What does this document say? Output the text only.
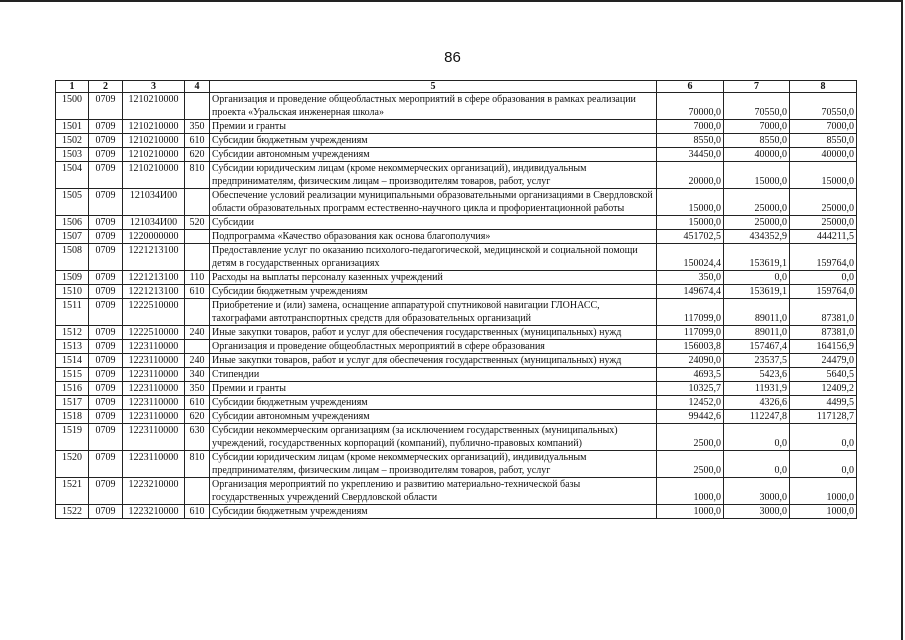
86
1	2	3	4	5	6	7	8
1500	0709	1210210000		Организация и проведение общеобластных мероприятий в сфере образования в рамках реализации проекта «Уральская инженерная школа»	70000,0	70550,0	70550,0
1501	0709	1210210000	350	Премии и гранты	7000,0	7000,0	7000,0
1502	0709	1210210000	610	Субсидии бюджетным учреждениям	8550,0	8550,0	8550,0
1503	0709	1210210000	620	Субсидии автономным учреждениям	34450,0	40000,0	40000,0
1504	0709	1210210000	810	Субсидии юридическим лицам (кроме некоммерческих организаций), индивидуальным предпринимателям, физическим лицам – производителям товаров, работ, услуг	20000,0	15000,0	15000,0
1505	0709	121034И00		Обеспечение условий реализации муниципальными образовательными организациями в Свердловской области образовательных программ естественно-научного цикла и профориентационной работы	15000,0	25000,0	25000,0
1506	0709	121034И00	520	Субсидии	15000,0	25000,0	25000,0
1507	0709	1220000000		Подпрограмма «Качество образования как основа благополучия»	451702,5	434352,9	444211,5
1508	0709	1221213100		Предоставление услуг по оказанию психолого-педагогической, медицинской и социальной помощи детям в государственных организациях	150024,4	153619,1	159764,0
1509	0709	1221213100	110	Расходы на выплаты персоналу казенных учреждений	350,0	0,0	0,0
1510	0709	1221213100	610	Субсидии бюджетным учреждениям	149674,4	153619,1	159764,0
1511	0709	1222510000		Приобретение и (или) замена, оснащение аппаратурой спутниковой навигации ГЛОНАСС, тахографами автотранспортных средств для образовательных организаций	117099,0	89011,0	87381,0
1512	0709	1222510000	240	Иные закупки товаров, работ и услуг для обеспечения государственных (муниципальных) нужд	117099,0	89011,0	87381,0
1513	0709	1223110000		Организация и проведение общеобластных мероприятий в сфере образования	156003,8	157467,4	164156,9
1514	0709	1223110000	240	Иные закупки товаров, работ и услуг для обеспечения государственных (муниципальных) нужд	24090,0	23537,5	24479,0
1515	0709	1223110000	340	Стипендии	4693,5	5423,6	5640,5
1516	0709	1223110000	350	Премии и гранты	10325,7	11931,9	12409,2
1517	0709	1223110000	610	Субсидии бюджетным учреждениям	12452,0	4326,6	4499,5
1518	0709	1223110000	620	Субсидии автономным учреждениям	99442,6	112247,8	117128,7
1519	0709	1223110000	630	Субсидии некоммерческим организациям (за исключением государственных (муниципальных) учреждений, государственных корпораций (компаний), публично-правовых компаний)	2500,0	0,0	0,0
1520	0709	1223110000	810	Субсидии юридическим лицам (кроме некоммерческих организаций), индивидуальным предпринимателям, физическим лицам – производителям товаров, работ, услуг	2500,0	0,0	0,0
1521	0709	1223210000		Организация мероприятий по укреплению и развитию материально-технической базы государственных учреждений Свердловской области	1000,0	3000,0	1000,0
1522	0709	1223210000	610	Субсидии бюджетным учреждениям	1000,0	3000,0	1000,0
